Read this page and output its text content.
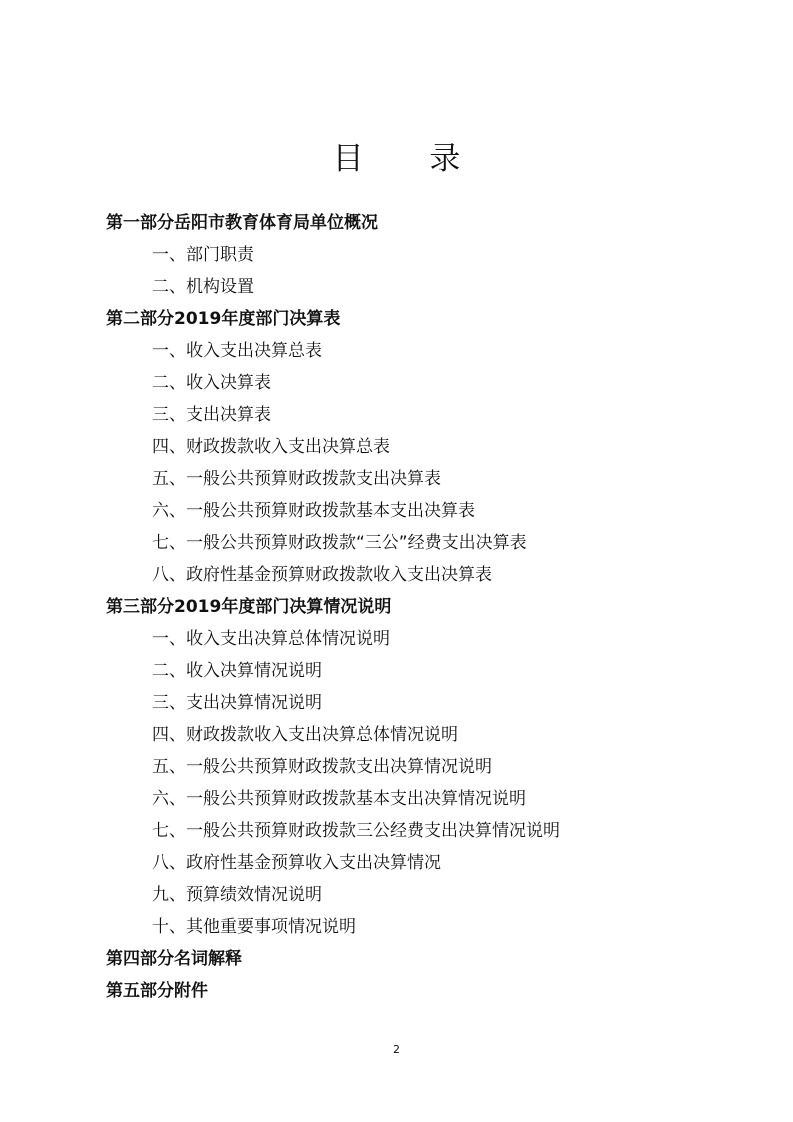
目 录
第一部分岳阳市教育体育局单位概况
一、部门职责
二、机构设置
第二部分2019年度部门决算表
一、收入支出决算总表
二、收入决算表
三、支出决算表
四、财政拨款收入支出决算总表
五、一般公共预算财政拨款支出决算表
六、一般公共预算财政拨款基本支出决算表
七、一般公共预算财政拨款“三公”经费支出决算表
八、政府性基金预算财政拨款收入支出决算表
第三部分2019年度部门决算情况说明
一、收入支出决算总体情况说明
二、收入决算情况说明
三、支出决算情况说明
四、财政拨款收入支出决算总体情况说明
五、一般公共预算财政拨款支出决算情况说明
六、一般公共预算财政拨款基本支出决算情况说明
七、一般公共预算财政拨款三公经费支出决算情况说明
八、政府性基金预算收入支出决算情况
九、预算绩效情况说明
十、其他重要事项情况说明
第四部分名词解释
第五部分附件
2
